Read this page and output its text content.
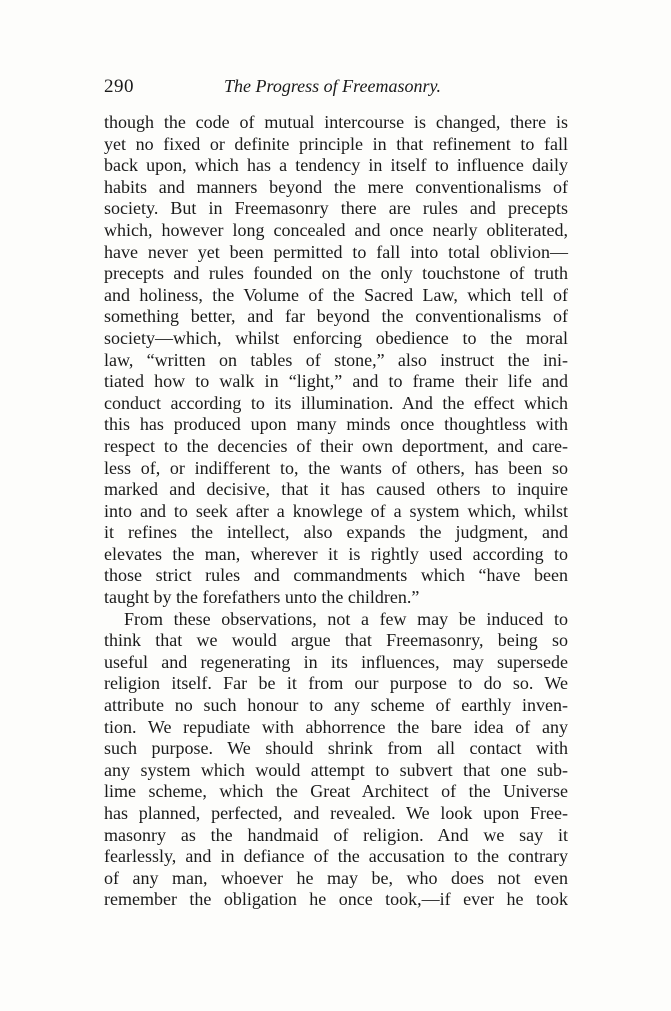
290	The Progress of Freemasonry.
though the code of mutual intercourse is changed, there is
yet no fixed or definite principle in that refinement to fall
back upon, which has a tendency in itself to influence daily
habits and manners beyond the mere conventionalisms of
society. But in Freemasonry there are rules and precepts
which, however long concealed and once nearly obliterated,
have never yet been permitted to fall into total oblivion—
precepts and rules founded on the only touchstone of truth
and holiness, the Volume of the Sacred Law, which tell of
something better, and far beyond the conventionalisms of
society—which, whilst enforcing obedience to the moral
law, “written on tables of stone,” also instruct the ini-
tiated how to walk in “light,” and to frame their life and
conduct according to its illumination. And the effect which
this has produced upon many minds once thoughtless with
respect to the decencies of their own deportment, and care-
less of, or indifferent to, the wants of others, has been so
marked and decisive, that it has caused others to inquire
into and to seek after a knowlege of a system which, whilst
it refines the intellect, also expands the judgment, and
elevates the man, wherever it is rightly used according to
those strict rules and commandments which “have been
taught by the forefathers unto the children.”
From these observations, not a few may be induced to
think that we would argue that Freemasonry, being so
useful and regenerating in its influences, may supersede
religion itself. Far be it from our purpose to do so. We
attribute no such honour to any scheme of earthly inven-
tion. We repudiate with abhorrence the bare idea of any
such purpose. We should shrink from all contact with
any system which would attempt to subvert that one sub-
lime scheme, which the Great Architect of the Universe
has planned, perfected, and revealed. We look upon Free-
masonry as the handmaid of religion. And we say it
fearlessly, and in defiance of the accusation to the contrary
of any man, whoever he may be, who does not even
remember the obligation he once took,—if ever he took
